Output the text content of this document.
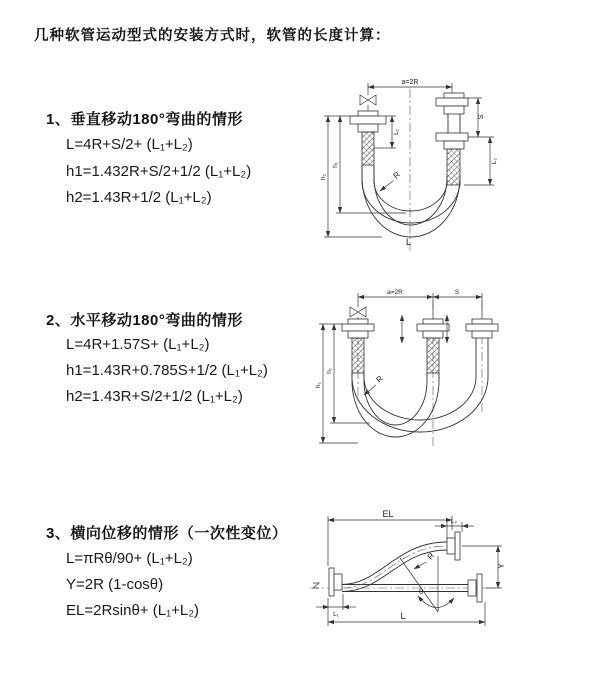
几种软管运动型式的安装方式时，软管的长度计算：
1、垂直移动180°弯曲的情形
L=4R+S/2+ (L₁+L₂)
h1=1.432R+S/2+1/2 (L₁+L₂)
h2=1.43R+1/2 (L₁+L₂)
2、水平移动180°弯曲的情形
L=4R+1.57S+ (L₁+L₂)
h1=1.43R+0.785S+1/2 (L₁+L₂)
h2=1.43R+S/2+1/2 (L₁+L₂)
3、横向位移的情形（一次性变位）
L=πRθ/90+ (L₁+L₂)
Y=2R (1-cosθ)
EL=2Rsinθ+ (L₁+L₂)
a=2R
L₁
h₁
h₂
S
L₂
R
L
a=2R	S
h₁
h₂
R
EL
L₂
Y
R
θ
L
L₁
